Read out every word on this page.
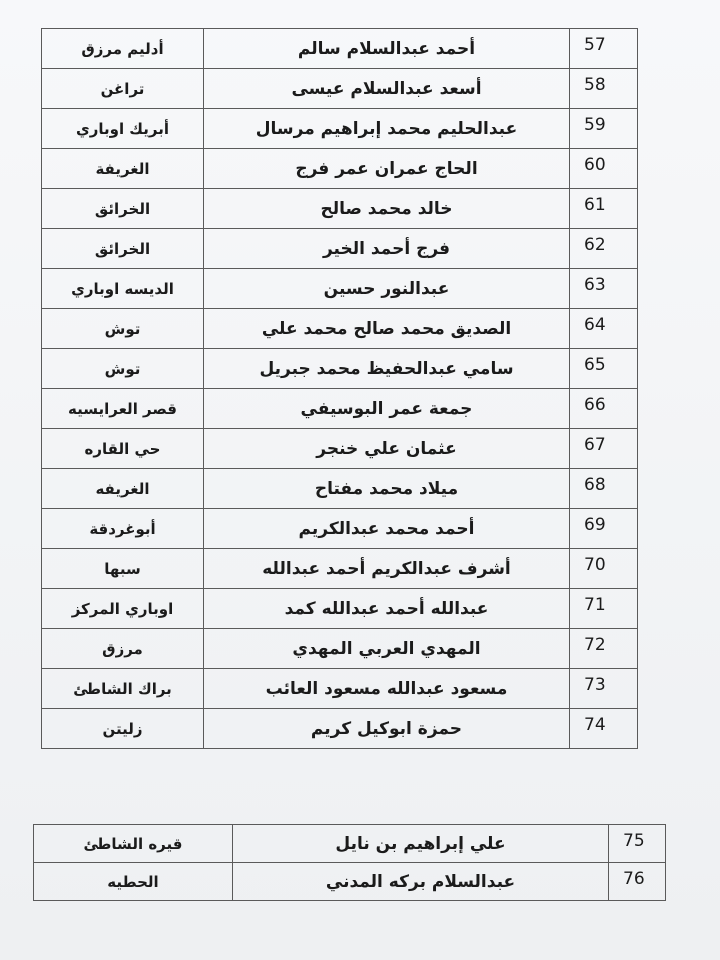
57	أحمد عبدالسلام سالم	أدليم مرزق
58	أسعد عبدالسلام عيسى	تراغن
59	عبدالحليم محمد إبراهيم مرسال	أبريك اوباري
60	الحاج عمران عمر فرج	الغريفة
61	خالد محمد صالح	الخرائق
62	فرج أحمد الخير	الخرائق
63	عبدالنور حسين	الديسه اوباري
64	الصديق محمد صالح محمد علي	توش
65	سامي عبدالحفيظ محمد جبريل	توش
66	جمعة عمر البوسيفي	قصر العرايسيه
67	عثمان علي خنجر	حي القاره
68	ميلاد محمد مفتاح	الغريفه
69	أحمد محمد عبدالكريم	أبوغردقة
70	أشرف عبدالكريم أحمد عبدالله	سبها
71	عبدالله أحمد عبدالله كمد	اوباري المركز
72	المهدي العربي المهدي	مرزق
73	مسعود عبدالله مسعود العائب	براك الشاطئ
74	حمزة ابوكيل كريم	زليتن
75	علي إبراهيم بن نايل	قيره الشاطئ
76	عبدالسلام بركه المدني	الحطيه
